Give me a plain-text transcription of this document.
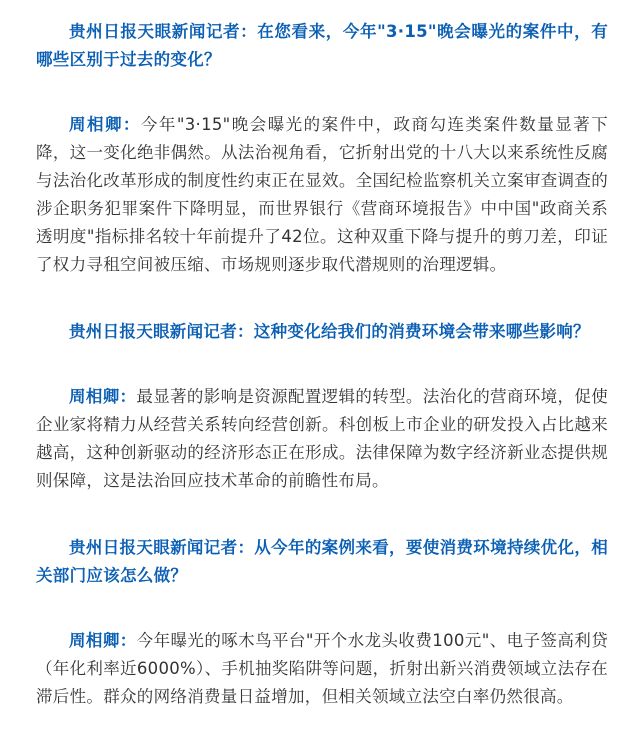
贵州日报天眼新闻记者：在您看来，今年"3·15"晚会曝光的案件中，有哪些区别于过去的变化？

周相卿：今年"3·15"晚会曝光的案件中，政商勾连类案件数量显著下降，这一变化绝非偶然。从法治视角看，它折射出党的十八大以来系统性反腐与法治化改革形成的制度性约束正在显效。全国纪检监察机关立案审查调查的涉企职务犯罪案件下降明显，而世界银行《营商环境报告》中中国"政商关系透明度"指标排名较十年前提升了42位。这种双重下降与提升的剪刀差，印证了权力寻租空间被压缩、市场规则逐步取代潜规则的治理逻辑。

贵州日报天眼新闻记者：这种变化给我们的消费环境会带来哪些影响？

周相卿：最显著的影响是资源配置逻辑的转型。法治化的营商环境，促使企业家将精力从经营关系转向经营创新。科创板上市企业的研发投入占比越来越高，这种创新驱动的经济形态正在形成。法律保障为数字经济新业态提供规则保障，这是法治回应技术革命的前瞻性布局。

贵州日报天眼新闻记者：从今年的案例来看，要使消费环境持续优化，相关部门应该怎么做？

周相卿：今年曝光的啄木鸟平台"开个水龙头收费100元"、电子签高利贷（年化利率近6000%）、手机抽奖陷阱等问题，折射出新兴消费领域立法存在滞后性。群众的网络消费量日益增加，但相关领域立法空白率仍然很高。
